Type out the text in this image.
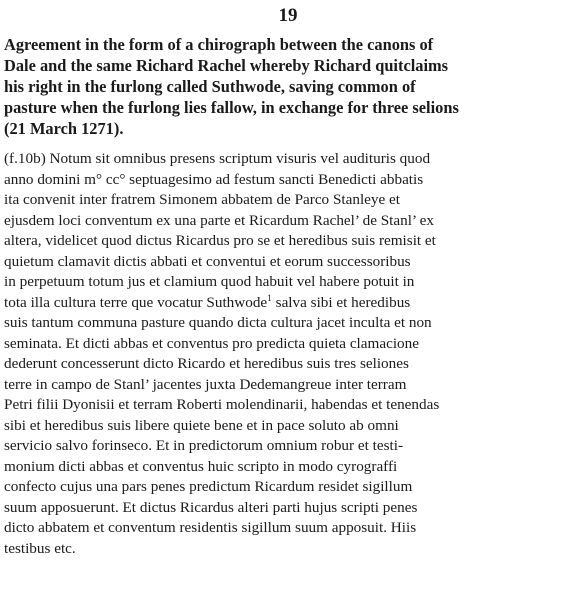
19
Agreement in the form of a chirograph between the canons of
Dale and the same Richard Rachel whereby Richard quitclaims
his right in the furlong called Suthwode, saving common of
pasture when the furlong lies fallow, in exchange for three selions
(21 March 1271).
(f.10b) Notum sit omnibus presens scriptum visuris vel audituris quod
anno domini m° cc° septuagesimo ad festum sancti Benedicti abbatis
ita convenit inter fratrem Simonem abbatem de Parco Stanleye et
ejusdem loci conventum ex una parte et Ricardum Rachel’ de Stanl’ ex
altera, videlicet quod dictus Ricardus pro se et heredibus suis remisit et
quietum clamavit dictis abbati et conventui et eorum successoribus
in perpetuum totum jus et clamium quod habuit vel habere potuit in
tota illa cultura terre que vocatur Suthwode$^1$ salva sibi et heredibus
suis tantum communa pasture quando dicta cultura jacet inculta et non
seminata. Et dicti abbas et conventus pro predicta quieta clamacione
dederunt concesserunt dicto Ricardo et heredibus suis tres seliones
terre in campo de Stanl’ jacentes juxta Dedemangreue inter terram
Petri filii Dyonisii et terram Roberti molendinarii, habendas et tenendas
sibi et heredibus suis libere quiete bene et in pace soluto ab omni
servicio salvo forinseco. Et in predictorum omnium robur et testi-
monium dicti abbas et conventus huic scripto in modo cyrograffi
confecto cujus una pars penes predictum Ricardum residet sigillum
suum apposuerunt. Et dictus Ricardus alteri parti hujus scripti penes
dicto abbatem et conventum residentis sigillum suum apposuit. Hiis
testibus etc.
